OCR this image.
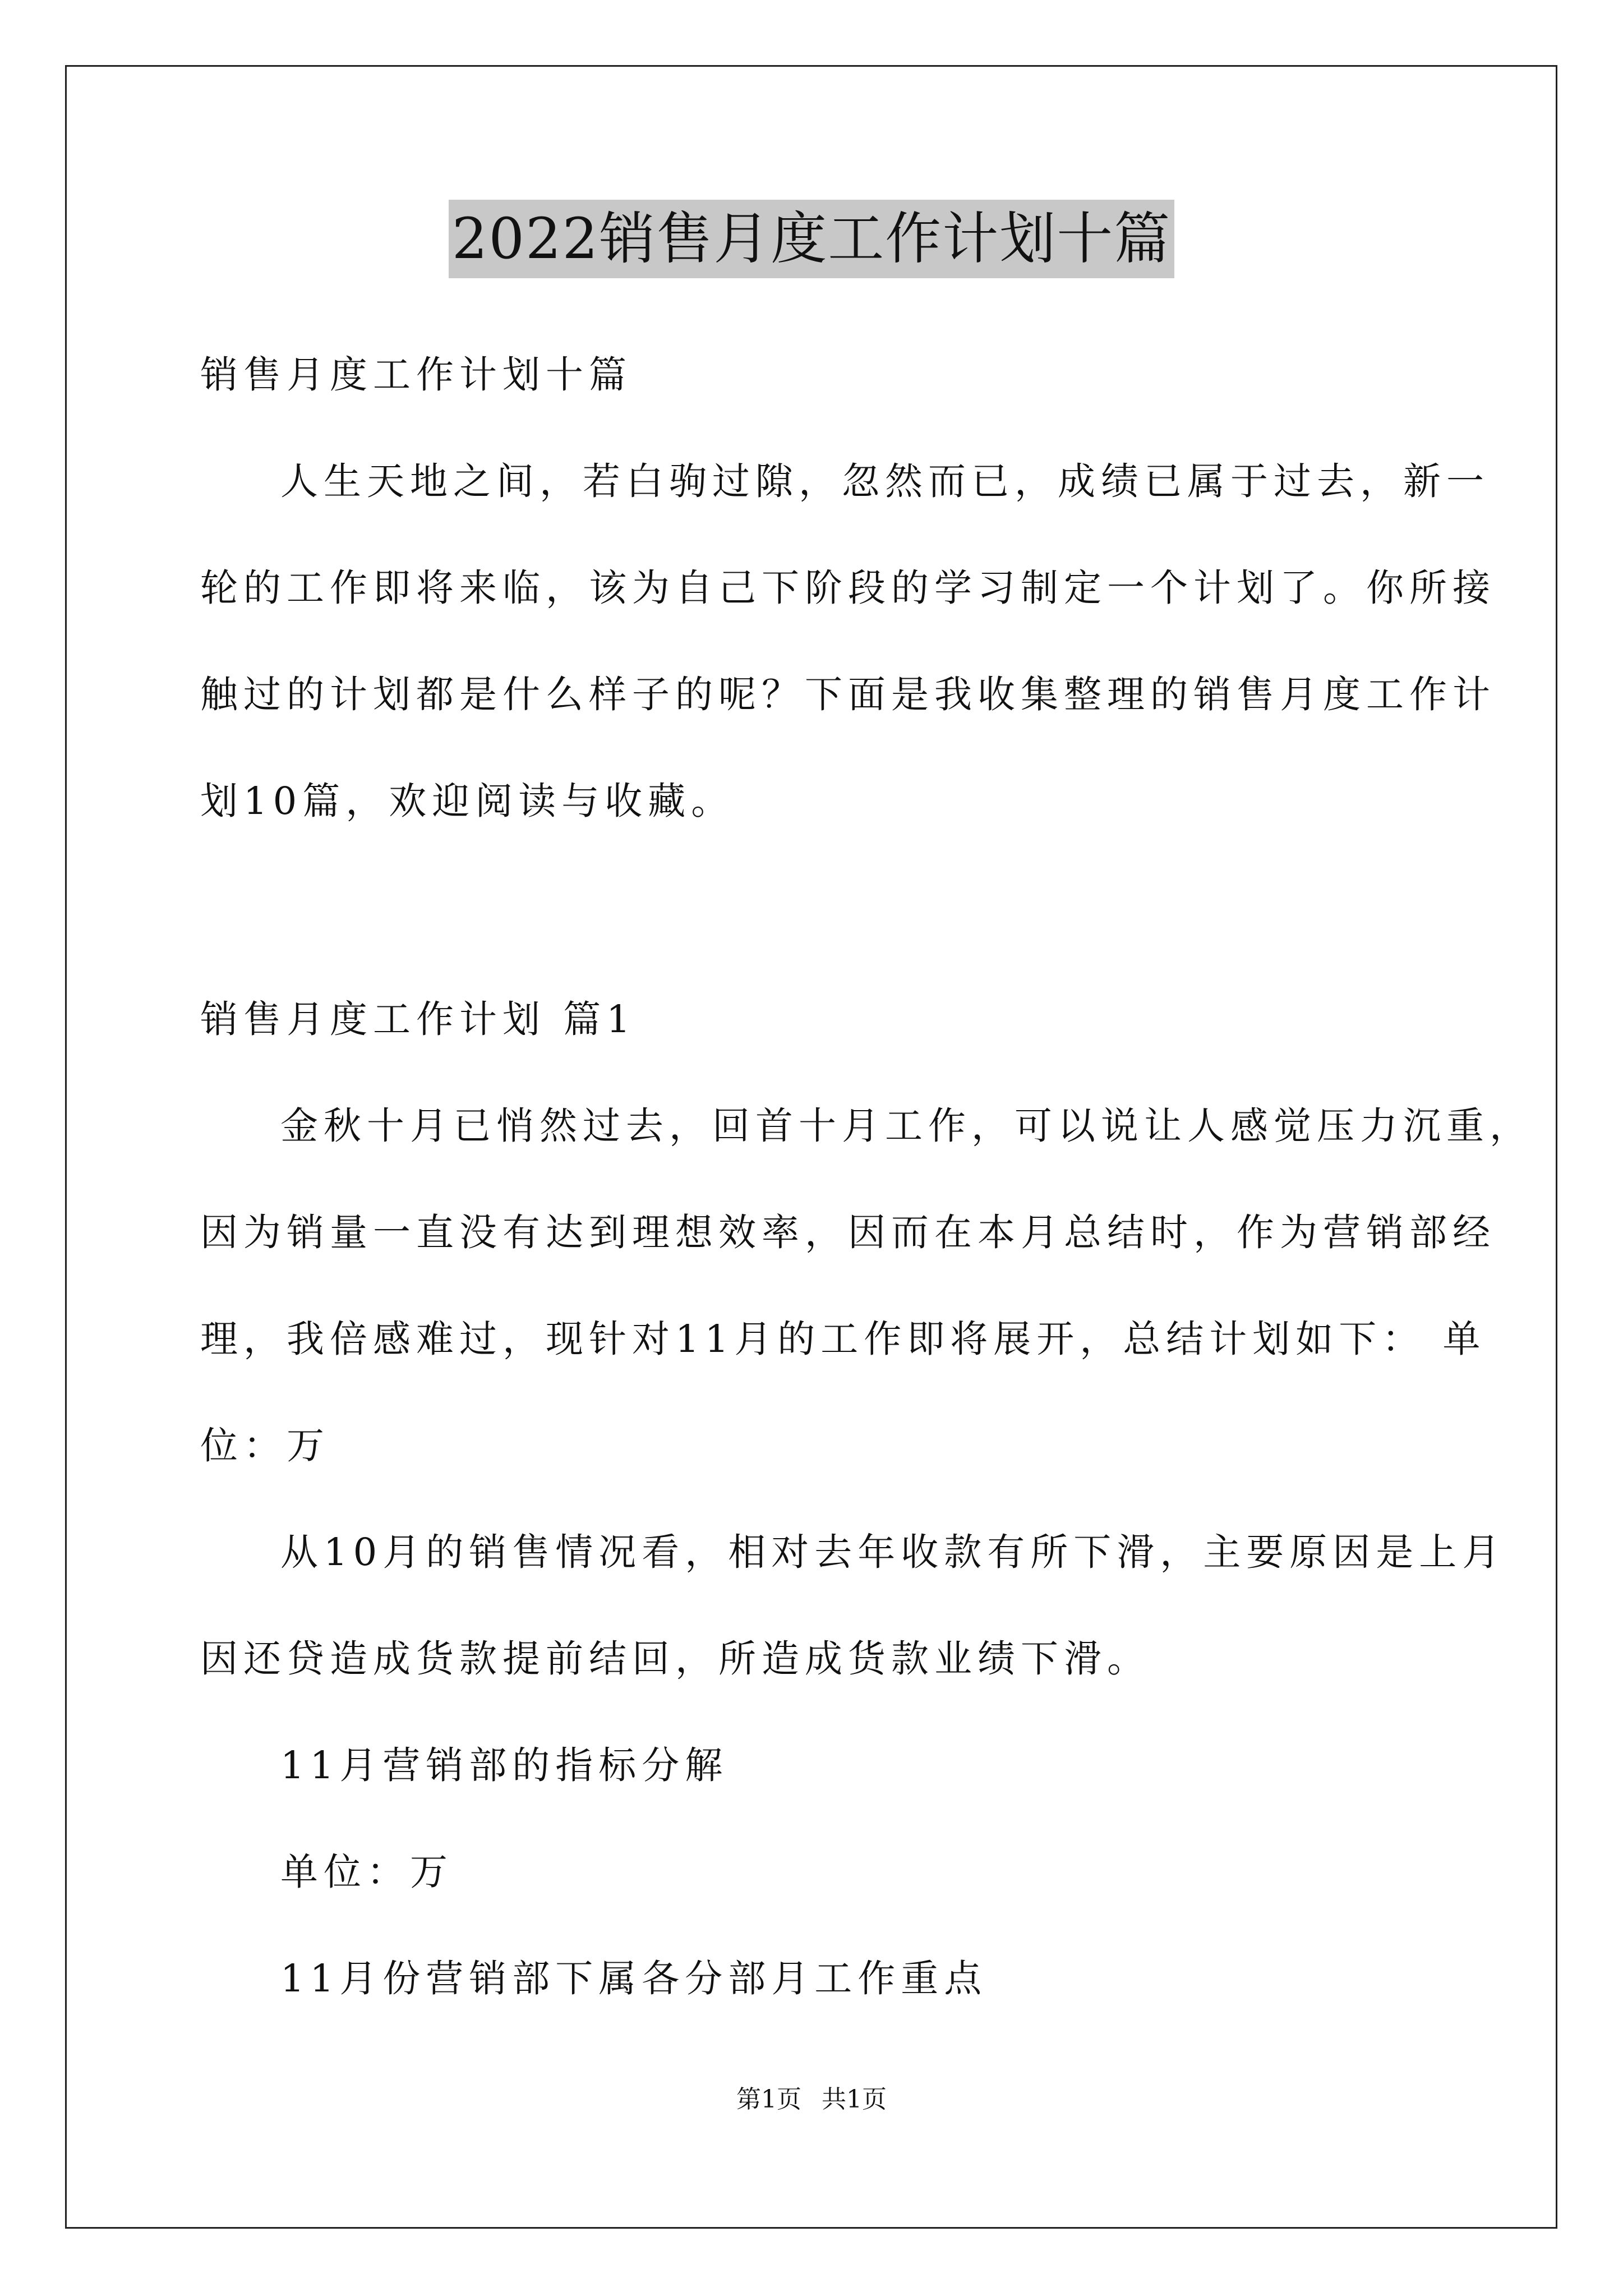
2022销售月度工作计划十篇
销售月度工作计划十篇
人生天地之间，若白驹过隙，忽然而已，成绩已属于过去，新一
轮的工作即将来临，该为自己下阶段的学习制定一个计划了。你所接
触过的计划都是什么样子的呢？下面是我收集整理的销售月度工作计
划10篇，欢迎阅读与收藏。
销售月度工作计划 篇1
金秋十月已悄然过去，回首十月工作，可以说让人感觉压力沉重，
因为销量一直没有达到理想效率，因而在本月总结时，作为营销部经
理，我倍感难过，现针对11月的工作即将展开，总结计划如下： 单
位：万
从10月的销售情况看，相对去年收款有所下滑，主要原因是上月
因还贷造成货款提前结回，所造成货款业绩下滑。
11月营销部的指标分解
单位：万
11月份营销部下属各分部月工作重点
第1页 共1页
